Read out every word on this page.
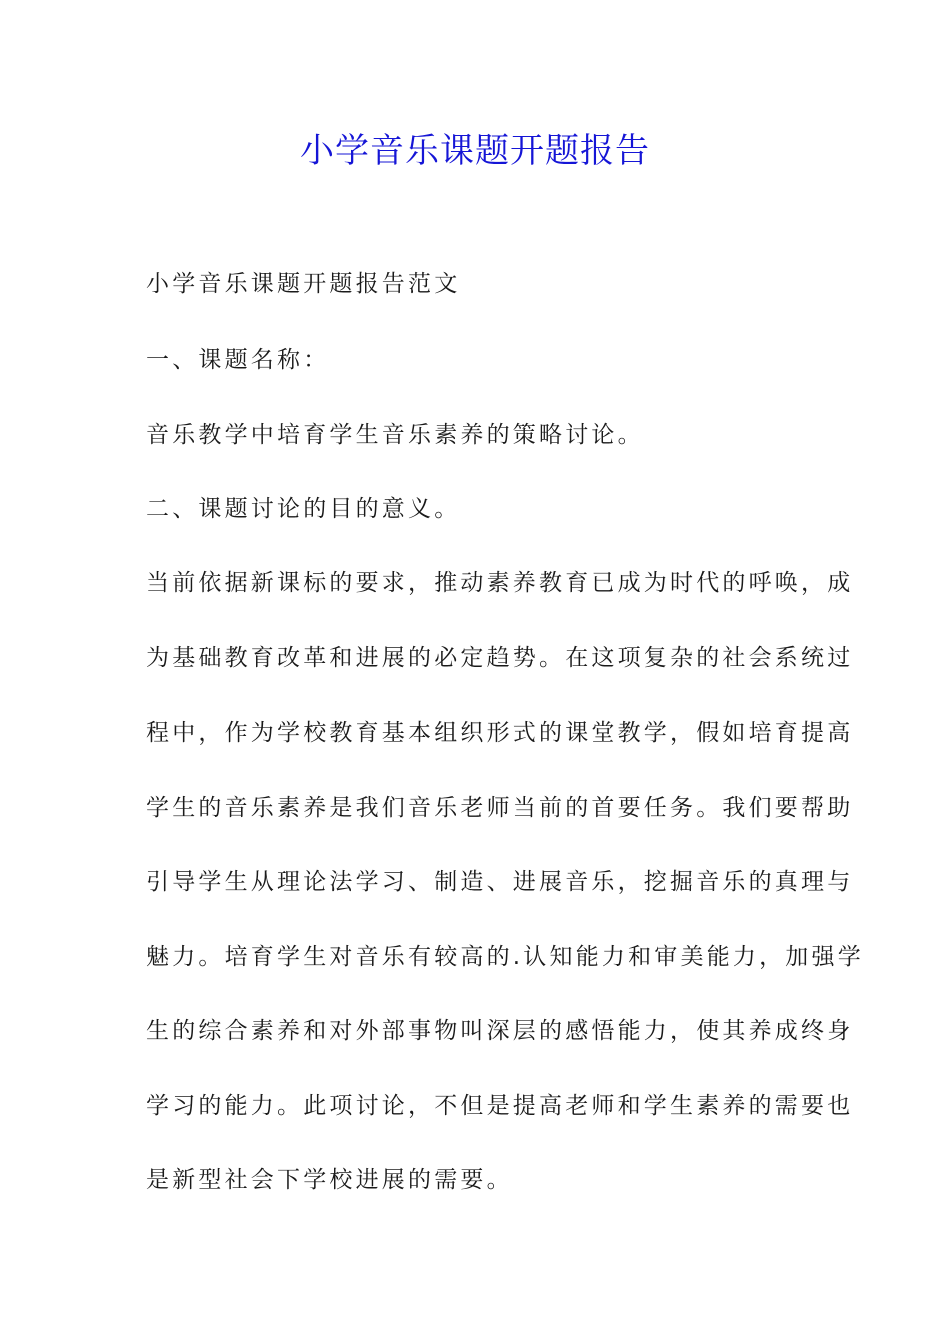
小学音乐课题开题报告

小学音乐课题开题报告范文

一、课题名称：

音乐教学中培育学生音乐素养的策略讨论。

二、课题讨论的目的意义。

当前依据新课标的要求，推动素养教育已成为时代的呼唤，成

为基础教育改革和进展的必定趋势。在这项复杂的社会系统过

程中，作为学校教育基本组织形式的课堂教学，假如培育提高

学生的音乐素养是我们音乐老师当前的首要任务。我们要帮助

引导学生从理论法学习、制造、进展音乐，挖掘音乐的真理与

魅力。培育学生对音乐有较高的.认知能力和审美能力，加强学

生的综合素养和对外部事物叫深层的感悟能力，使其养成终身

学习的能力。此项讨论，不但是提高老师和学生素养的需要也

是新型社会下学校进展的需要。
